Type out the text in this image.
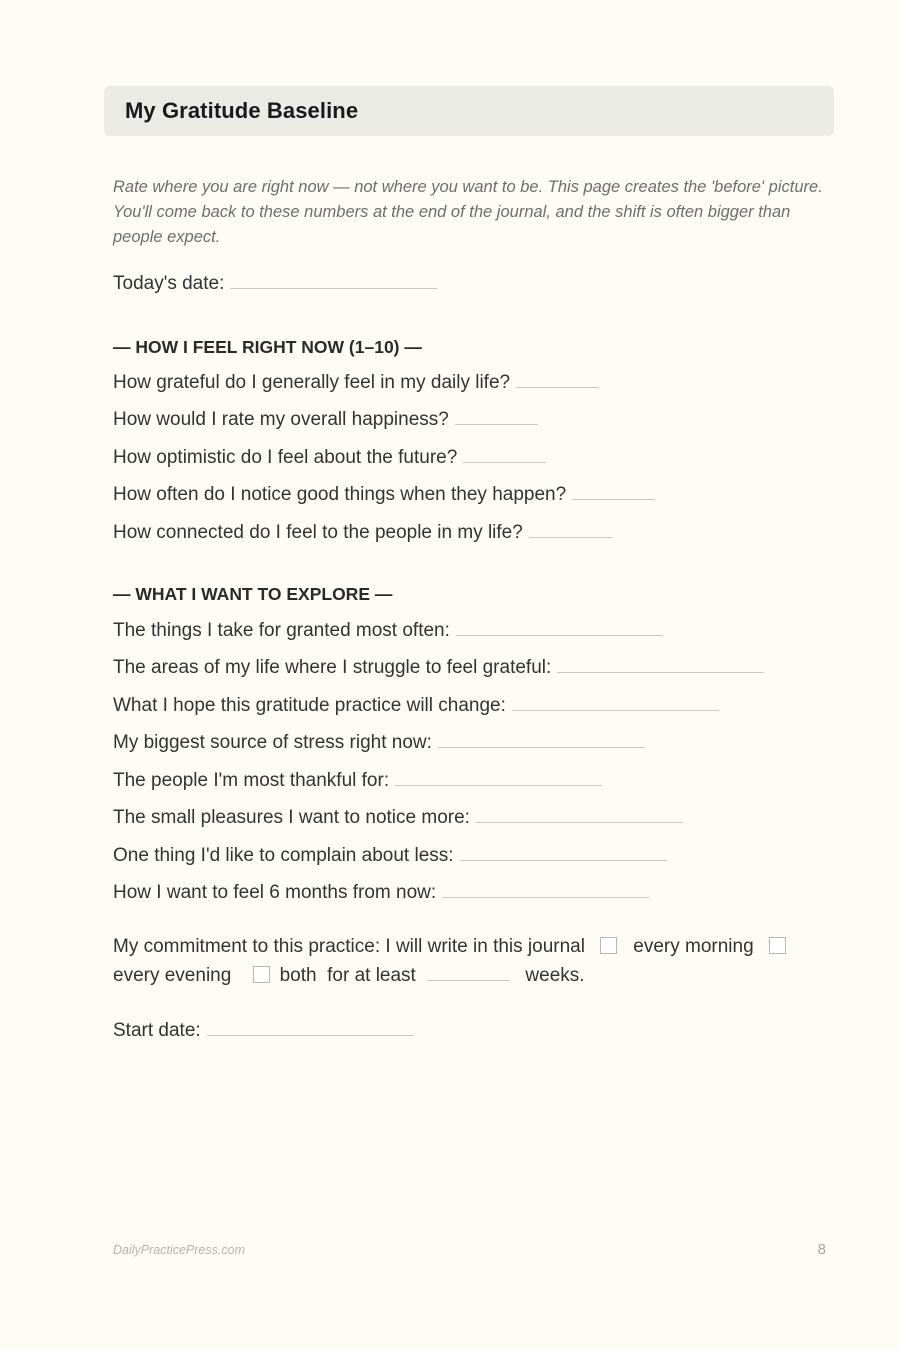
My Gratitude Baseline
Rate where you are right now — not where you want to be. This page creates the 'before' picture. You'll come back to these numbers at the end of the journal, and the shift is often bigger than people expect.
Today's date:
— HOW I FEEL RIGHT NOW (1–10) —
How grateful do I generally feel in my daily life?
How would I rate my overall happiness?
How optimistic do I feel about the future?
How often do I notice good things when they happen?
How connected do I feel to the people in my life?
— WHAT I WANT TO EXPLORE —
The things I take for granted most often:
The areas of my life where I struggle to feel grateful:
What I hope this gratitude practice will change:
My biggest source of stress right now:
The people I'm most thankful for:
The small pleasures I want to notice more:
One thing I'd like to complain about less:
How I want to feel 6 months from now:
My commitment to this practice: I will write in this journal	every morning
every evening	both for at least	weeks.
Start date:
DailyPracticePress.com	8
